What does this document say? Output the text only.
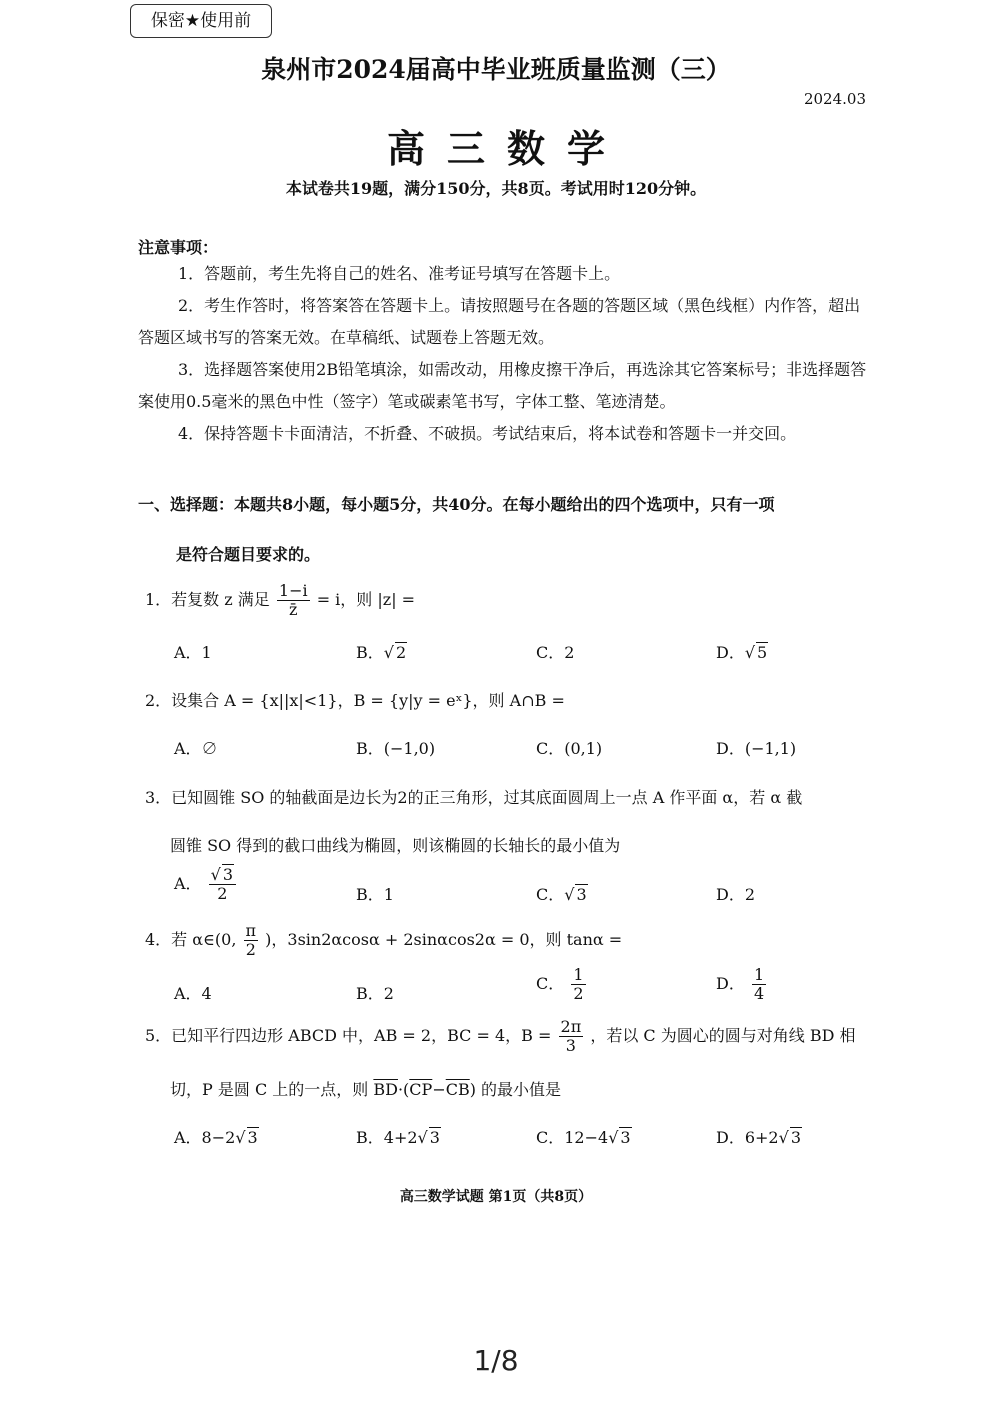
保密★使用前
泉州市2024届高中毕业班质量监测（三）
2024.03
高三数学
本试卷共19题，满分150分，共8页。考试用时120分钟。
注意事项：
1．答题前，考生先将自己的姓名、准考证号填写在答题卡上。
2．考生作答时，将答案答在答题卡上。请按照题号在各题的答题区域（黑色线框）内作答，超出答题区域书写的答案无效。在草稿纸、试题卷上答题无效。
3．选择题答案使用2B铅笔填涂，如需改动，用橡皮擦干净后，再选涂其它答案标号；非选择题答案使用0.5毫米的黑色中性（签字）笔或碳素笔书写，字体工整、笔迹清楚。
4．保持答题卡卡面清洁，不折叠、不破损。考试结束后，将本试卷和答题卡一并交回。
一、选择题：本题共8小题，每小题5分，共40分。在每小题给出的四个选项中，只有一项
是符合题目要求的。
1．若复数 z 满足 $\frac{1-i}{z̄} = i$，则 |z| =
A．1	B．√ 2	C．2	D．√ 5
2．设集合 A = {x||x|<1}，B = {y|y = eˣ}，则 A∩B =
A．∅	B．(−1,0)	C．(0,1)	D．(−1,1)
3．已知圆锥 SO 的轴截面是边长为2的正三角形，过其底面圆周上一点 A 作平面 α，若 α 截
圆锥 SO 得到的截口曲线为椭圆，则该椭圆的长轴长的最小值为
A． $\frac{√ 3}{2}$	B．1	C．√ 3	D．2
4．若 α∈(0, $\frac{\pi}{2}$ )，3sin2αcosα + 2sinαcos2α = 0，则 tanα =
A．4	B．2
C． $\frac{1}{2}$	D． $\frac{1}{4}$
5．已知平行四边形 ABCD 中，AB = 2，BC = 4，$B = \frac{2\pi}{3}$ ，若以 C 为圆心的圆与对角线 BD 相
切，P 是圆 C 上的一点，则 $\overline{BD}\cdot(\overline{CP}-\overline{CB})$ 的最小值是
A．8−2√ 3	B．4+2√ 3	C．12−4√ 3	D．6+2√ 3
高三数学试题 第1页（共8页）
1/8
